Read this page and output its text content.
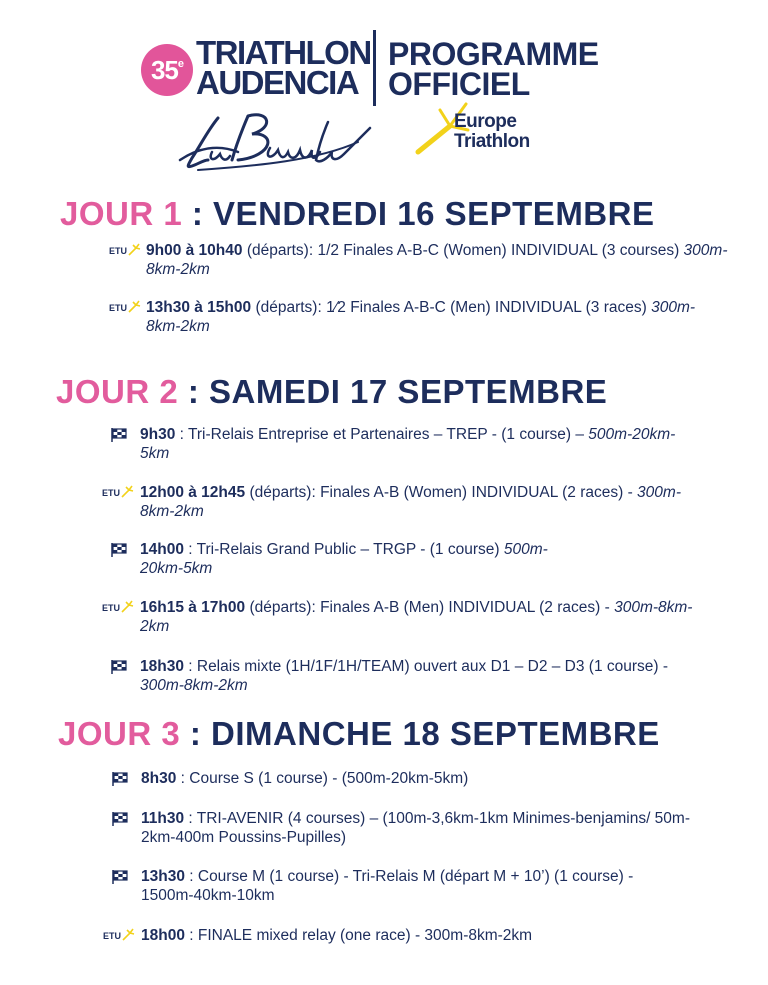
35e TRIATHLON
AUDENCIA
PROGRAMME
OFFICIEL
Europe
Triathlon
JOUR 1 : VENDREDI 16 SEPTEMBRE
ETU 9h00 à 10h40 (départs): 1/2 Finales A-B-C (Women) INDIVIDUAL (3 courses) 300m-8km-2km
ETU 13h30 à 15h00 (départs): 1⁄2 Finales A-B-C (Men) INDIVIDUAL (3 races) 300m-8km-2km
JOUR 2 : SAMEDI 17 SEPTEMBRE
9h30 : Tri-Relais Entreprise et Partenaires – TREP - (1 course) – 500m-20km-5km
ETU 12h00 à 12h45 (départs): Finales A-B (Women) INDIVIDUAL (2 races) - 300m-8km-2km
14h00 : Tri-Relais Grand Public – TRGP - (1 course) 500m-20km-5km
ETU 16h15 à 17h00 (départs): Finales A-B (Men) INDIVIDUAL (2 races) - 300m-8km-2km
18h30 : Relais mixte (1H/1F/1H/TEAM) ouvert aux D1 – D2 – D3 (1 course) - 300m-8km-2km
JOUR 3 : DIMANCHE 18 SEPTEMBRE
8h30 : Course S (1 course) - (500m-20km-5km)
11h30 : TRI-AVENIR (4 courses) – (100m-3,6km-1km Minimes-benjamins/ 50m-2km-400m Poussins-Pupilles)
13h30 : Course M (1 course) - Tri-Relais M (départ M + 10’) (1 course) - 1500m-40km-10km
ETU 18h00 : FINALE mixed relay (one race) - 300m-8km-2km
